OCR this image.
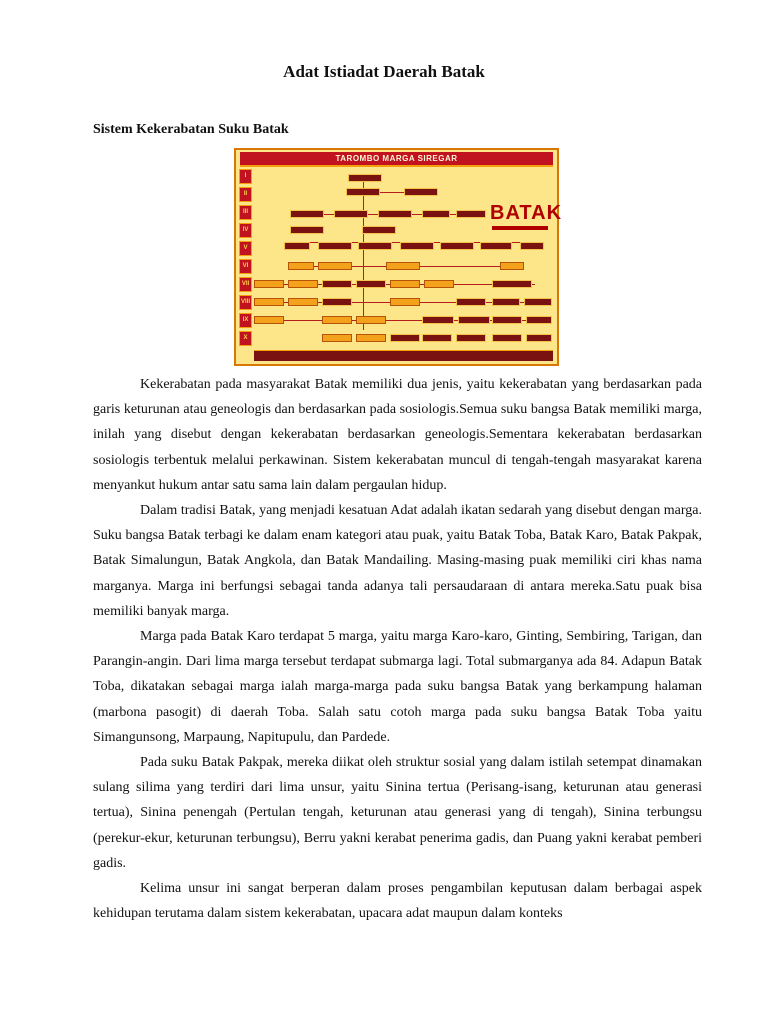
Adat Istiadat Daerah Batak
Sistem Kekerabatan Suku Batak
TAROMBO MARGA SIREGAR
I
II
III
IV
V
VI
VII
VIII
IX
X
BATAK

Kekerabatan pada masyarakat Batak memiliki dua jenis, yaitu kekerabatan yang berdasarkan pada garis keturunan atau geneologis dan berdasarkan pada sosiologis.Semua suku bangsa Batak memiliki marga, inilah yang disebut dengan kekerabatan berdasarkan geneologis.Sementara kekerabatan berdasarkan sosiologis terbentuk melalui perkawinan. Sistem kekerabatan muncul di tengah-tengah masyarakat karena menyankut hukum antar satu sama lain dalam pergaulan hidup.

Dalam tradisi Batak, yang menjadi kesatuan Adat adalah ikatan sedarah yang disebut dengan marga. Suku bangsa Batak terbagi ke dalam enam kategori atau puak, yaitu Batak Toba, Batak Karo, Batak Pakpak, Batak Simalungun, Batak Angkola, dan Batak Mandailing. Masing-masing puak memiliki ciri khas nama marganya. Marga ini berfungsi sebagai tanda adanya tali persaudaraan di antara mereka.Satu puak bisa memiliki banyak marga.

Marga pada Batak Karo terdapat 5 marga, yaitu marga Karo-karo, Ginting, Sembiring, Tarigan, dan Parangin-angin. Dari lima marga tersebut terdapat submarga lagi. Total submarganya ada 84. Adapun Batak Toba, dikatakan sebagai marga ialah marga-marga pada suku bangsa Batak yang berkampung halaman (marbona pasogit) di daerah Toba. Salah satu cotoh marga pada suku bangsa Batak Toba yaitu Simangunsong, Marpaung, Napitupulu, dan Pardede.

Pada suku Batak Pakpak, mereka diikat oleh struktur sosial yang dalam istilah setempat dinamakan sulang silima yang terdiri dari lima unsur, yaitu Sinina tertua (Perisang-isang, keturunan atau generasi tertua), Sinina penengah (Pertulan tengah, keturunan atau generasi yang di tengah), Sinina terbungsu (perekur-ekur, keturunan terbungsu), Berru yakni kerabat penerima gadis, dan Puang yakni kerabat pemberi gadis.

Kelima unsur ini sangat berperan dalam proses pengambilan keputusan dalam berbagai aspek kehidupan terutama dalam sistem kekerabatan, upacara adat maupun dalam konteks
